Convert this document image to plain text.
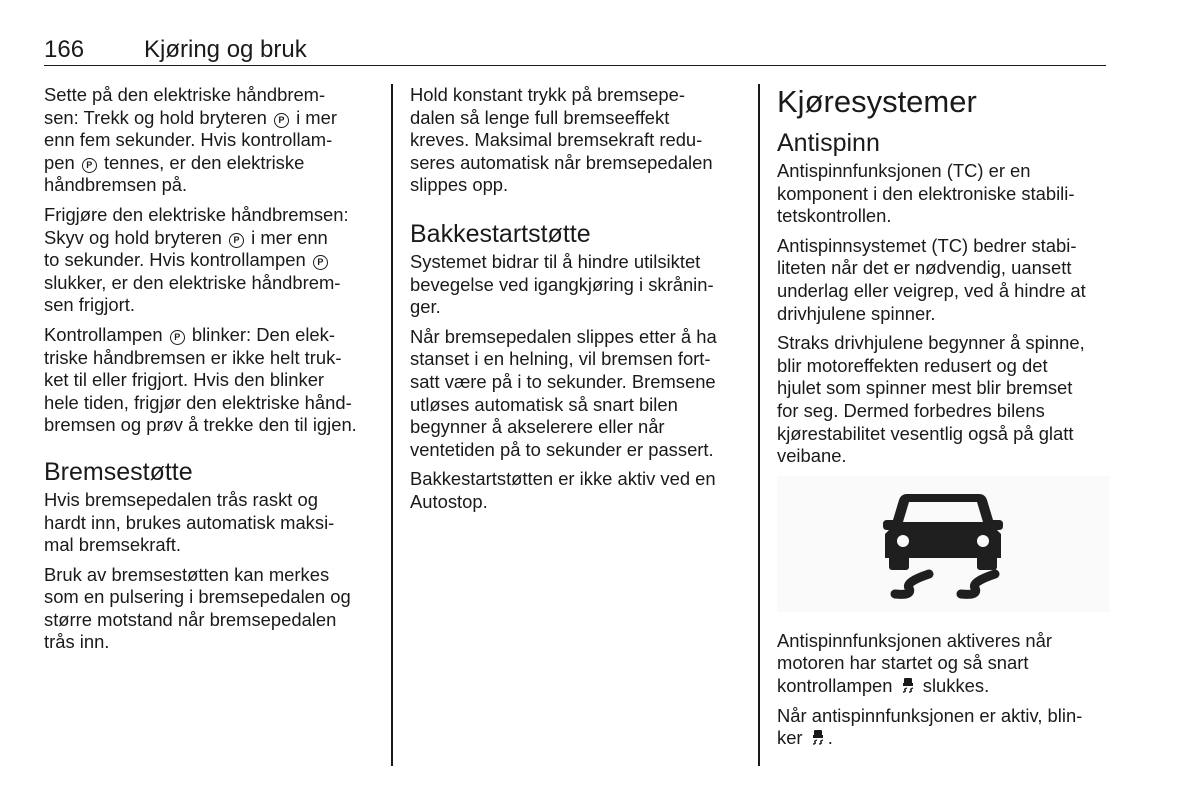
166 Kjøring og bruk
Sette på den elektriske håndbrem-
sen: Trekk og hold bryteren P i mer
enn fem sekunder. Hvis kontrollam-
pen P tennes, er den elektriske
håndbremsen på.
Frigjøre den elektriske håndbremsen:
Skyv og hold bryteren P i mer enn
to sekunder. Hvis kontrollampen P
slukker, er den elektriske håndbrem-
sen frigjort.
Kontrollampen P blinker: Den elek-
triske håndbremsen er ikke helt truk-
ket til eller frigjort. Hvis den blinker
hele tiden, frigjør den elektriske hånd-
bremsen og prøv å trekke den til igjen.
Bremsestøtte
Hvis bremsepedalen trås raskt og
hardt inn, brukes automatisk maksi-
mal bremsekraft.
Bruk av bremsestøtten kan merkes
som en pulsering i bremsepedalen og
større motstand når bremsepedalen
trås inn.
Hold konstant trykk på bremsepe-
dalen så lenge full bremseeffekt
kreves. Maksimal bremsekraft redu-
seres automatisk når bremsepedalen
slippes opp.
Bakkestartstøtte
Systemet bidrar til å hindre utilsiktet
bevegelse ved igangkjøring i skrånin-
ger.
Når bremsepedalen slippes etter å ha
stanset i en helning, vil bremsen fort-
satt være på i to sekunder. Bremsene
utløses automatisk så snart bilen
begynner å akselerere eller når
ventetiden på to sekunder er passert.
Bakkestartstøtten er ikke aktiv ved en
Autostop.
Kjøresystemer
Antispinn
Antispinnfunksjonen (TC) er en
komponent i den elektroniske stabili-
tetskontrollen.
Antispinnsystemet (TC) bedrer stabi-
liteten når det er nødvendig, uansett
underlag eller veigrep, ved å hindre at
drivhjulene spinner.
Straks drivhjulene begynner å spinne,
blir motoreffekten redusert og det
hjulet som spinner mest blir bremset
for seg. Dermed forbedres bilens
kjørestabilitet vesentlig også på glatt
veibane.
Antispinnfunksjonen aktiveres når
motoren har startet og så snart
kontrollampen slukkes.
Når antispinnfunksjonen er aktiv, blin-
ker .
